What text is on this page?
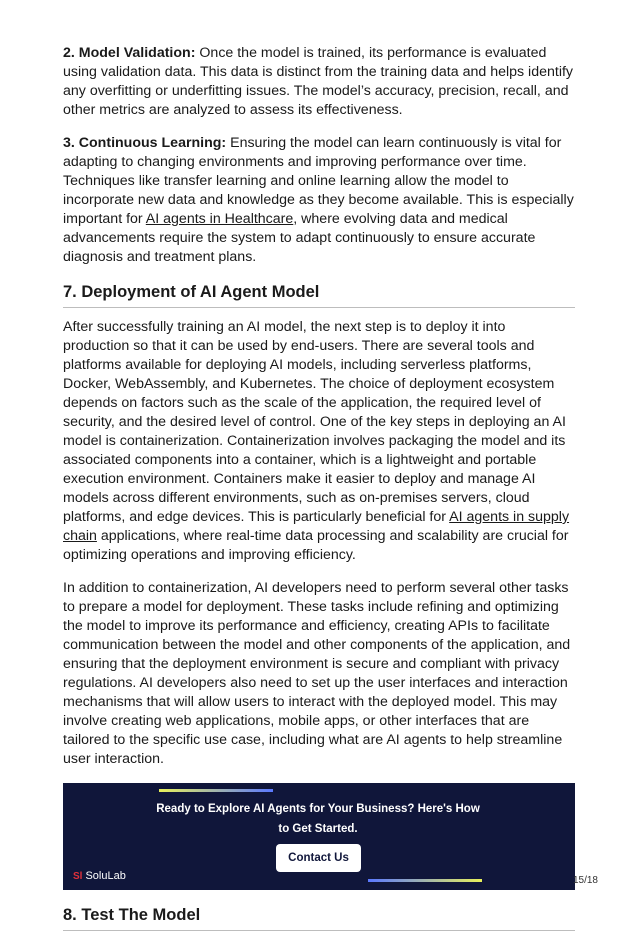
2. Model Validation: Once the model is trained, its performance is evaluated using validation data. This data is distinct from the training data and helps identify any overfitting or underfitting issues. The model’s accuracy, precision, recall, and other metrics are analyzed to assess its effectiveness.

3. Continuous Learning: Ensuring the model can learn continuously is vital for adapting to changing environments and improving performance over time. Techniques like transfer learning and online learning allow the model to incorporate new data and knowledge as they become available. This is especially important for AI agents in Healthcare, where evolving data and medical advancements require the system to adapt continuously to ensure accurate diagnosis and treatment plans.

7. Deployment of AI Agent Model

After successfully training an AI model, the next step is to deploy it into production so that it can be used by end-users. There are several tools and platforms available for deploying AI models, including serverless platforms, Docker, WebAssembly, and Kubernetes. The choice of deployment ecosystem depends on factors such as the scale of the application, the required level of security, and the desired level of control. One of the key steps in deploying an AI model is containerization. Containerization involves packaging the model and its associated components into a container, which is a lightweight and portable execution environment. Containers make it easier to deploy and manage AI models across different environments, such as on-premises servers, cloud platforms, and edge devices. This is particularly beneficial for AI agents in supply chain applications, where real-time data processing and scalability are crucial for optimizing operations and improving efficiency.

In addition to containerization, AI developers need to perform several other tasks to prepare a model for deployment. These tasks include refining and optimizing the model to improve its performance and efficiency, creating APIs to facilitate communication between the model and other components of the application, and ensuring that the deployment environment is secure and compliant with privacy regulations. AI developers also need to set up the user interfaces and interaction mechanisms that will allow users to interact with the deployed model. This may involve creating web applications, mobile apps, or other interfaces that are tailored to the specific use case, including what are AI agents to help streamline user interaction.

Ready to Explore AI Agents for Your Business? Here's How to Get Started.
Contact Us
Sl SoluLab
8. Test The Model
15/18
